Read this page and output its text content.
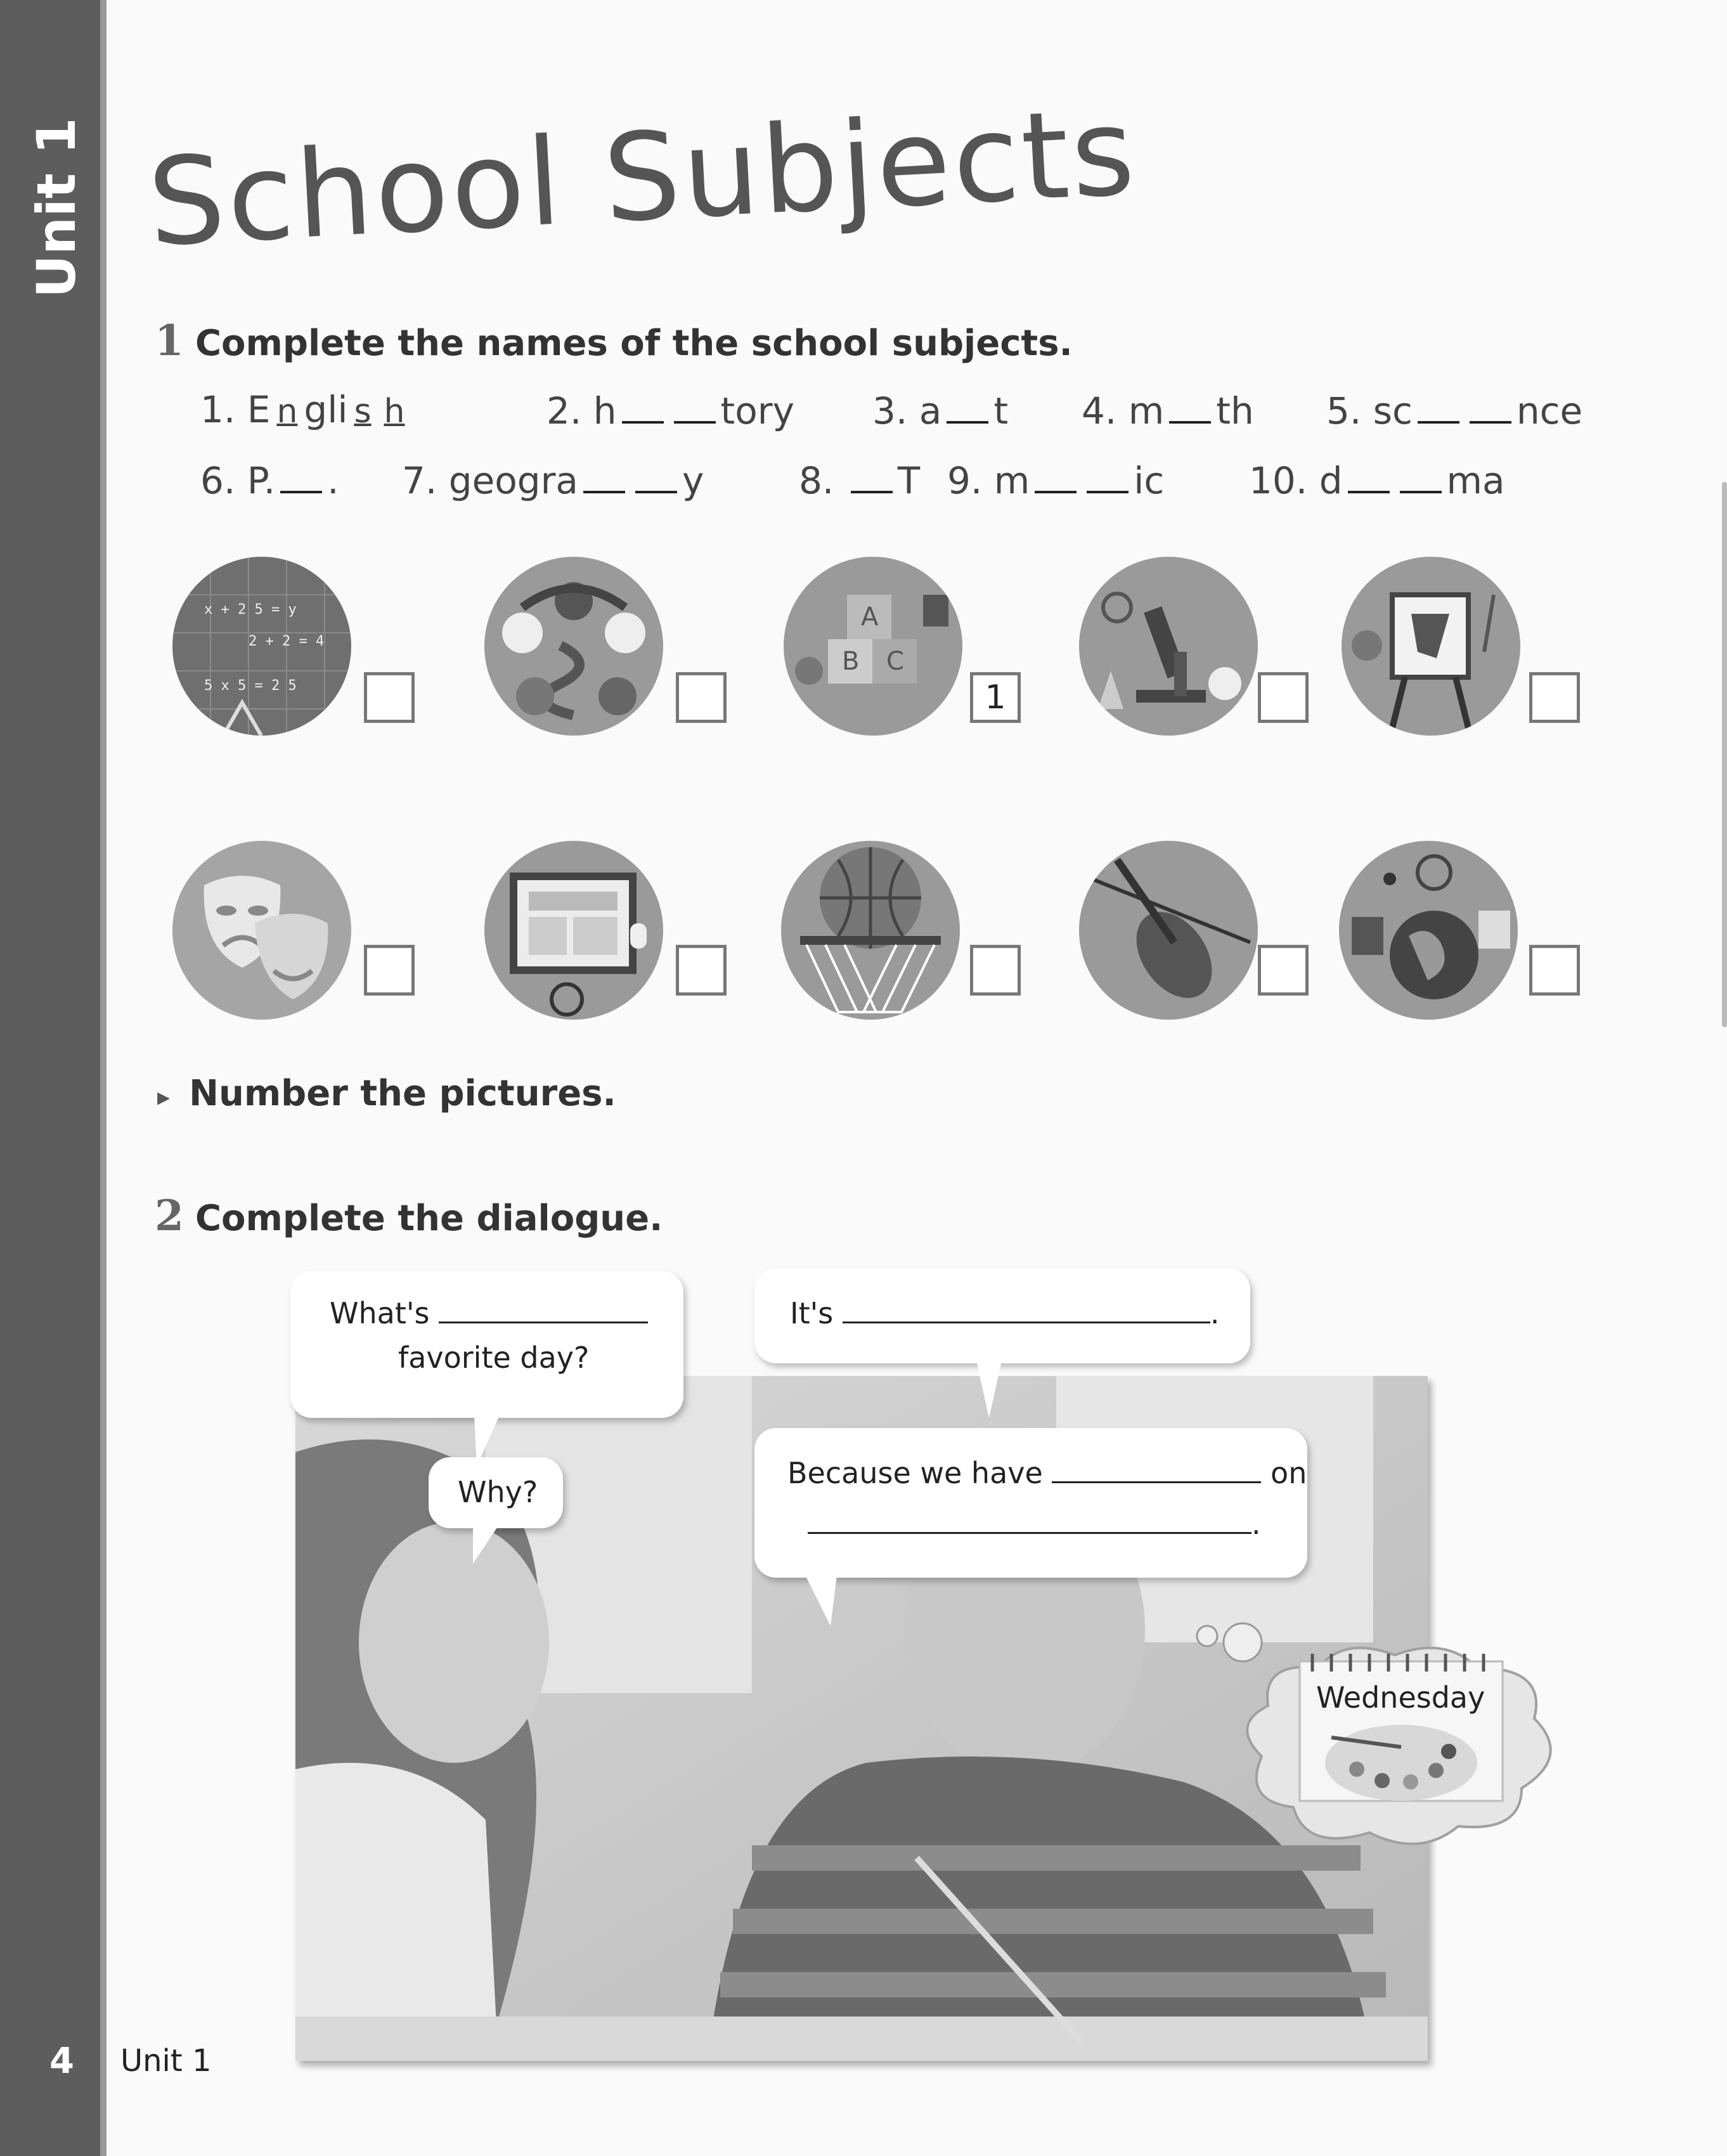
Unit 1 School Subjects
1 Complete the names of the school subjects.
1. E n gli s h	2. h	tory 3. a t 4. m th 5. sc	nce
6. P. . 7. geogra	y	8. T 9. m	ic 10. d	ma
x + 2 5 = y
2 + 2 = 4
5 x 5 = 2 5
A
B C
1
▸ Number the pictures.
2 Complete the dialogue.
What's
favorite day?
It's	.
Why?
Because we have	on
.
Wednesday
4 Unit 1
